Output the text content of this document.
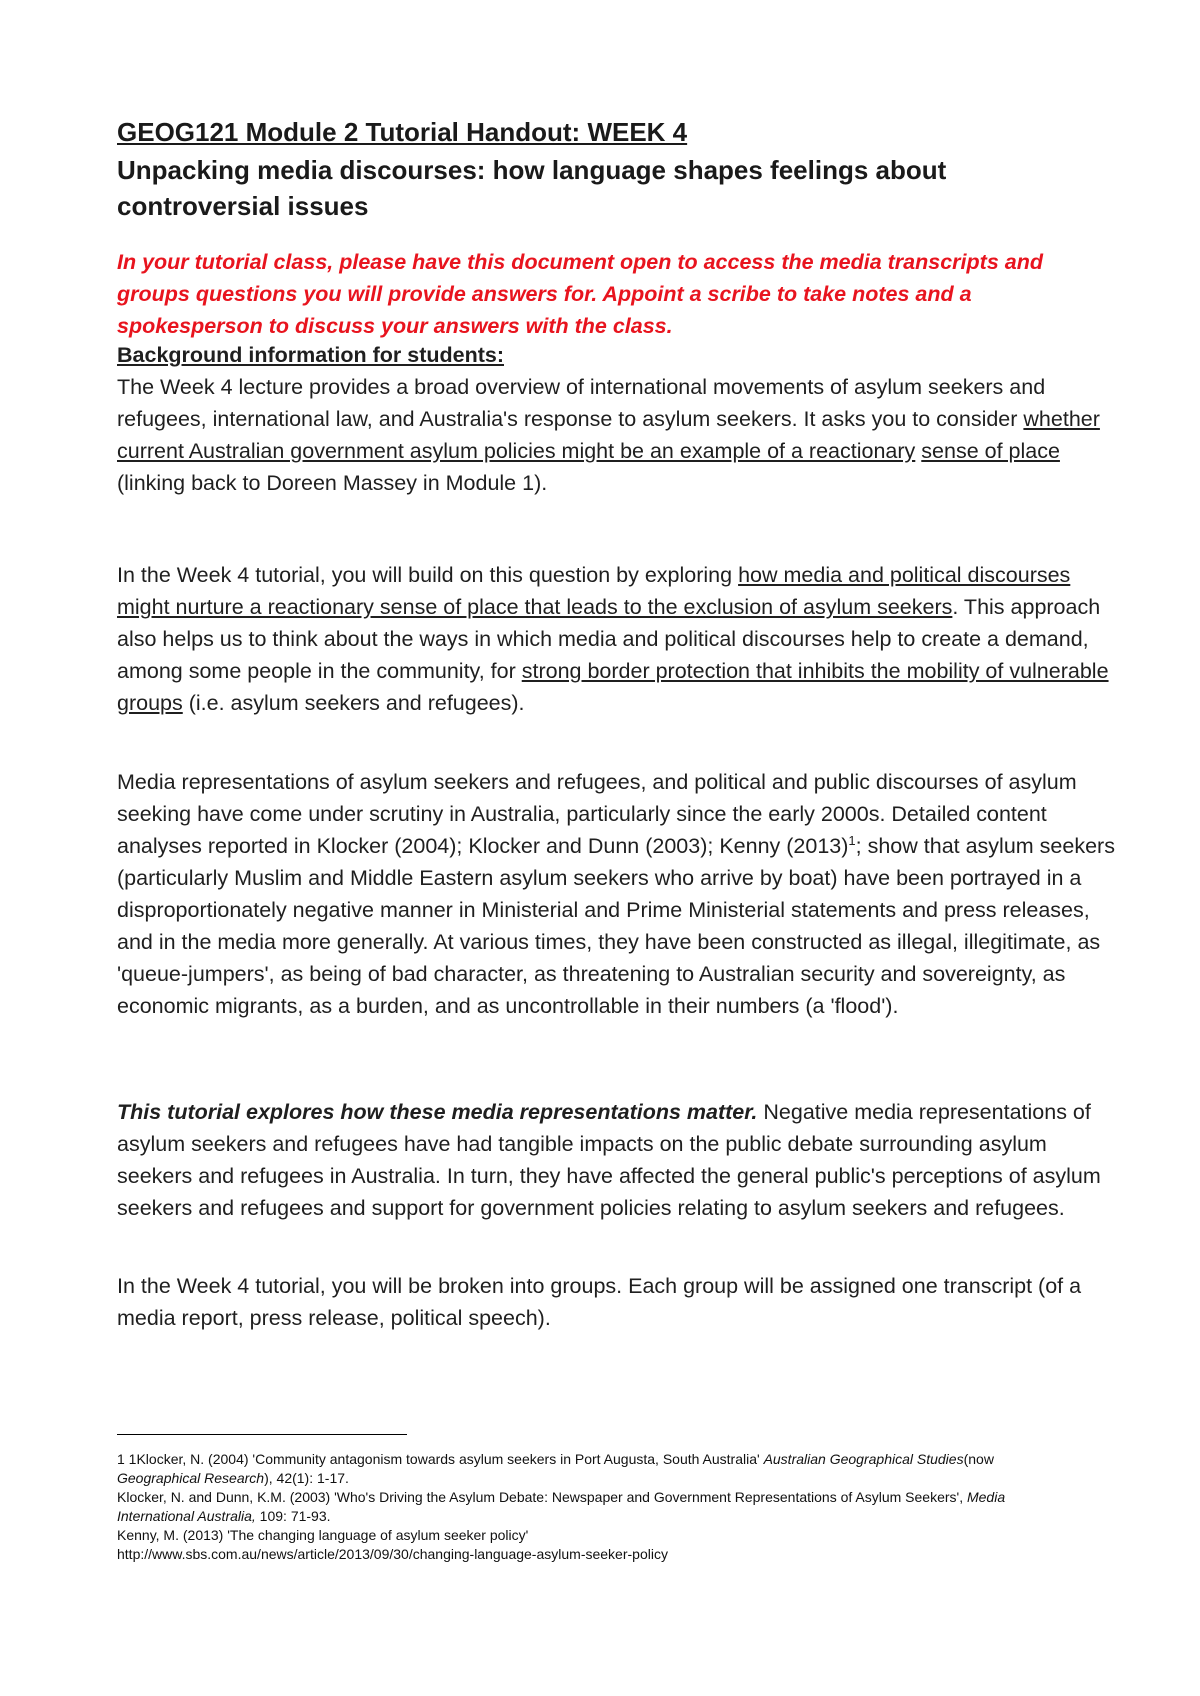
GEOG121 Module 2 Tutorial Handout: WEEK 4
Unpacking media discourses: how language shapes feelings about controversial issues
In your tutorial class, please have this document open to access the media transcripts and groups questions you will provide answers for. Appoint a scribe to take notes and a spokesperson to discuss your answers with the class.
Background information for students:
The Week 4 lecture provides a broad overview of international movements of asylum seekers and refugees, international law, and Australia's response to asylum seekers. It asks you to consider whether current Australian government asylum policies might be an example of a reactionary sense of place (linking back to Doreen Massey in Module 1).
In the Week 4 tutorial, you will build on this question by exploring how media and political discourses might nurture a reactionary sense of place that leads to the exclusion of asylum seekers. This approach also helps us to think about the ways in which media and political discourses help to create a demand, among some people in the community, for strong border protection that inhibits the mobility of vulnerable groups (i.e. asylum seekers and refugees).
Media representations of asylum seekers and refugees, and political and public discourses of asylum seeking have come under scrutiny in Australia, particularly since the early 2000s. Detailed content analyses reported in Klocker (2004); Klocker and Dunn (2003); Kenny $(2013)^1$; show that asylum seekers (particularly Muslim and Middle Eastern asylum seekers who arrive by boat) have been portrayed in a disproportionately negative manner in Ministerial and Prime Ministerial statements and press releases, and in the media more generally. At various times, they have been constructed as illegal, illegitimate, as 'queue-jumpers', as being of bad character, as threatening to Australian security and sovereignty, as economic migrants, as a burden, and as uncontrollable in their numbers (a 'flood').
This tutorial explores how these media representations matter. Negative media representations of asylum seekers and refugees have had tangible impacts on the public debate surrounding asylum seekers and refugees in Australia. In turn, they have affected the general public's perceptions of asylum seekers and refugees and support for government policies relating to asylum seekers and refugees.
In the Week 4 tutorial, you will be broken into groups. Each group will be assigned one transcript (of a media report, press release, political speech).
1 1Klocker, N. (2004) 'Community antagonism towards asylum seekers in Port Augusta, South Australia' Australian Geographical Studies(now Geographical Research), 42(1): 1-17.
Klocker, N. and Dunn, K.M. (2003) 'Who's Driving the Asylum Debate: Newspaper and Government Representations of Asylum Seekers', Media International Australia, 109: 71-93.
Kenny, M. (2013) 'The changing language of asylum seeker policy'
http://www.sbs.com.au/news/article/2013/09/30/changing-language-asylum-seeker-policy
